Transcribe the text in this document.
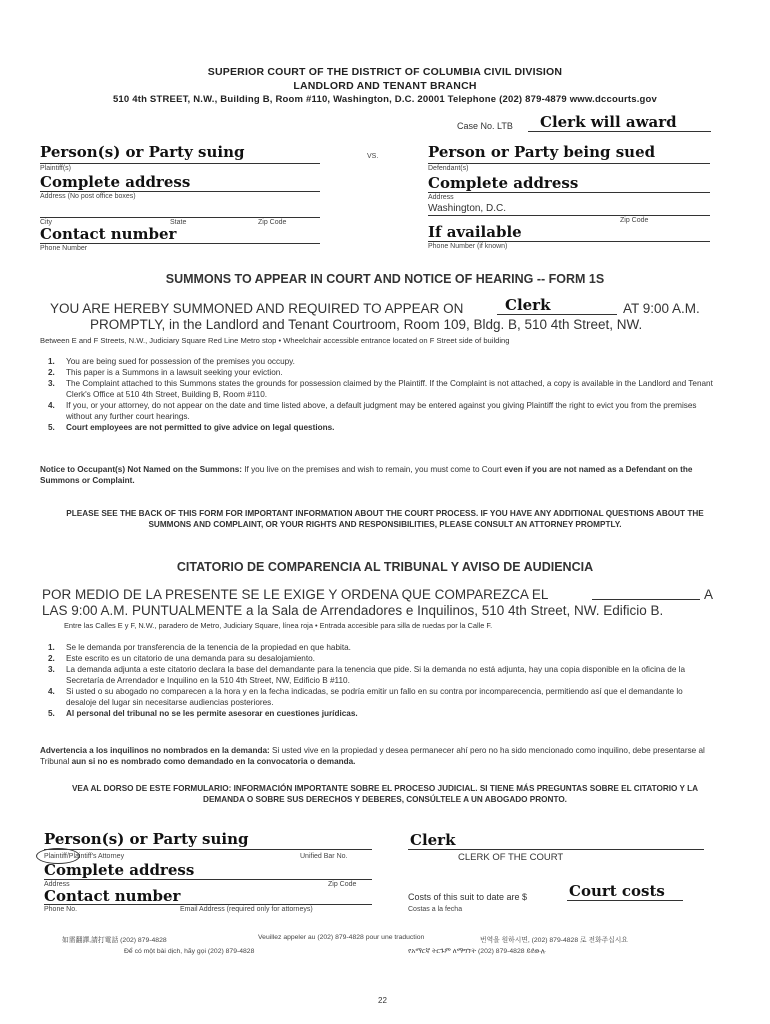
SUPERIOR COURT OF THE DISTRICT OF COLUMBIA CIVIL DIVISION
LANDLORD AND TENANT BRANCH
510 4th STREET, N.W., Building B, Room #110, Washington, D.C. 20001 Telephone (202) 879-4879 www.dccourts.gov
Case No. LTB Clerk will award
Person(s) or Party suing
Plaintiff(s)
Complete address
Address (No post office boxes)
City	State	Zip Code
Contact number
Phone Number
VS.	Person or Party being sued
Defendant(s)
Complete address
Address
Washington, D.C.
Zip Code
If available
Phone Number (if known)
SUMMONS TO APPEAR IN COURT AND NOTICE OF HEARING -- FORM 1S
YOU ARE HEREBY SUMMONED AND REQUIRED TO APPEAR ON	Clerk	AT 9:00 A.M.
PROMPTLY, in the Landlord and Tenant Courtroom, Room 109, Bldg. B, 510 4th Street, NW.
Between E and F Streets, N.W., Judiciary Square Red Line Metro stop • Wheelchair accessible entrance located on F Street side of building
1. You are being sued for possession of the premises you occupy.
2. This paper is a Summons in a lawsuit seeking your eviction.
3. The Complaint attached to this Summons states the grounds for possession claimed by the Plaintiff. If the Complaint is not attached, a copy is available in the Landlord and Tenant Clerk's Office at 510 4th Street, Building B, Room #110.
4. If you, or your attorney, do not appear on the date and time listed above, a default judgment may be entered against you giving Plaintiff the right to evict you from the premises without any further court hearings.
5. Court employees are not permitted to give advice on legal questions.
Notice to Occupant(s) Not Named on the Summons: If you live on the premises and wish to remain, you must come to Court even if you are not named as a Defendant on the Summons or Complaint.
PLEASE SEE THE BACK OF THIS FORM FOR IMPORTANT INFORMATION ABOUT THE COURT PROCESS. IF YOU HAVE ANY ADDITIONAL QUESTIONS ABOUT THE SUMMONS AND COMPLAINT, OR YOUR RIGHTS AND RESPONSIBILITIES, PLEASE CONSULT AN ATTORNEY PROMPTLY.
CITATORIO DE COMPARENCIA AL TRIBUNAL Y AVISO DE AUDIENCIA
POR MEDIO DE LA PRESENTE SE LE EXIGE Y ORDENA QUE COMPAREZCA EL	A
LAS 9:00 A.M. PUNTUALMENTE a la Sala de Arrendadores e Inquilinos, 510 4th Street, NW. Edificio B.
Entre las Calles E y F, N.W., paradero de Metro, Judiciary Square, línea roja • Entrada accesible para silla de ruedas por la Calle F.
1. Se le demanda por transferencia de la tenencia de la propiedad en que habita.
2. Este escrito es un citatorio de una demanda para su desalojamiento.
3. La demanda adjunta a este citatorio declara la base del demandante para la tenencia que pide. Si la demanda no está adjunta, hay una copia disponible en la oficina de la Secretaría de Arrendador e Inquilino en la 510 4th Street, NW, Edificio B #110.
4. Si usted o su abogado no comparecen a la hora y en la fecha indicadas, se podría emitir un fallo en su contra por incomparecencia, permitiendo así que el demandante lo desaloje del lugar sin necesitarse audiencias posteriores.
5. Al personal del tribunal no se les permite asesorar en cuestiones jurídicas.
Advertencia a los inquilinos no nombrados en la demanda: Si usted vive en la propiedad y desea permanecer ahí pero no ha sido mencionado como inquilino, debe presentarse al Tribunal aun si no es nombrado como demandado en la convocatoria o demanda.
VEA AL DORSO DE ESTE FORMULARIO: INFORMACIÓN IMPORTANTE SOBRE EL PROCESO JUDICIAL. SI TIENE MÁS PREGUNTAS SOBRE EL CITATORIO Y LA DEMANDA O SOBRE SUS DERECHOS Y DEBERES, CONSÚLTELE A UN ABOGADO PRONTO.
Person(s) or Party suing
Plaintiff/Plaintiff's Attorney	Unified Bar No.
Complete address
Address	Zip Code
Contact number
Phone No.	Email Address (required only for attorneys)
Clerk
CLERK OF THE COURT
Costs of this suit to date are $	Court costs
Costas a la fecha
如需翻譯,請打電話 (202) 879-4828	Veuillez appeler au (202) 879-4828 pour une traduction	번역을 원하시면, (202) 879-4828 로 전화주십시요
Để có một bài dịch, hãy gọi (202) 879-4828	የአማርኛ ትርጉም ለማግኘት (202) 879-4828 ይደውሉ
22
